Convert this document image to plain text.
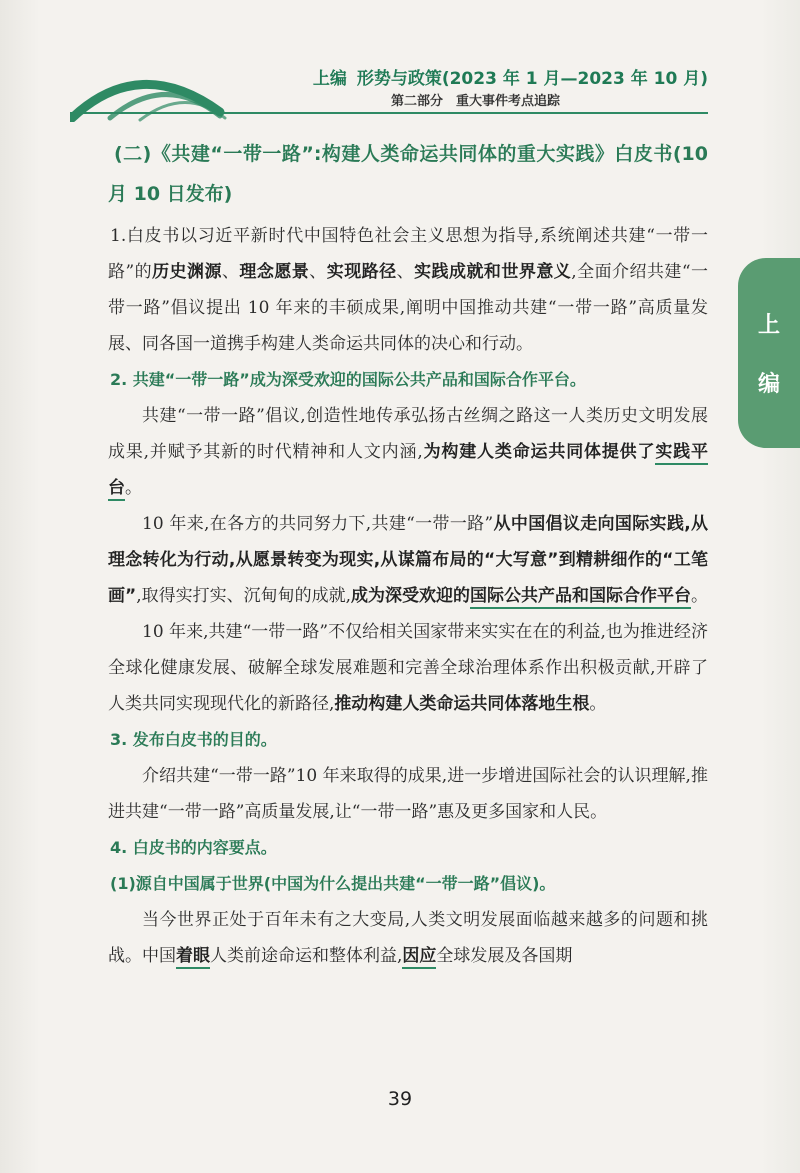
上编 形势与政策(2023 年 1 月—2023 年 10 月)
第二部分　重大事件考点追踪
上
编
(二)《共建“一带一路”:构建人类命运共同体的重大实践》白皮书(10 月 10 日发布)

1.白皮书以习近平新时代中国特色社会主义思想为指导,系统阐述共建“一带一路”的历史渊源、理念愿景、实现路径、实践成就和世界意义,全面介绍共建“一带一路”倡议提出 10 年来的丰硕成果,阐明中国推动共建“一带一路”高质量发展、同各国一道携手构建人类命运共同体的决心和行动。

2. 共建“一带一路”成为深受欢迎的国际公共产品和国际合作平台。

共建“一带一路”倡议,创造性地传承弘扬古丝绸之路这一人类历史文明发展成果,并赋予其新的时代精神和人文内涵,为构建人类命运共同体提供了实践平台。

10 年来,在各方的共同努力下,共建“一带一路”从中国倡议走向国际实践,从理念转化为行动,从愿景转变为现实,从谋篇布局的“大写意”到精耕细作的“工笔画”,取得实打实、沉甸甸的成就,成为深受欢迎的国际公共产品和国际合作平台。

10 年来,共建“一带一路”不仅给相关国家带来实实在在的利益,也为推进经济全球化健康发展、破解全球发展难题和完善全球治理体系作出积极贡献,开辟了人类共同实现现代化的新路径,推动构建人类命运共同体落地生根。

3. 发布白皮书的目的。

介绍共建“一带一路”10 年来取得的成果,进一步增进国际社会的认识理解,推进共建“一带一路”高质量发展,让“一带一路”惠及更多国家和人民。

4. 白皮书的内容要点。

(1)源自中国属于世界(中国为什么提出共建“一带一路”倡议)。

当今世界正处于百年未有之大变局,人类文明发展面临越来越多的问题和挑战。中国着眼人类前途命运和整体利益,因应全球发展及各国期

39
